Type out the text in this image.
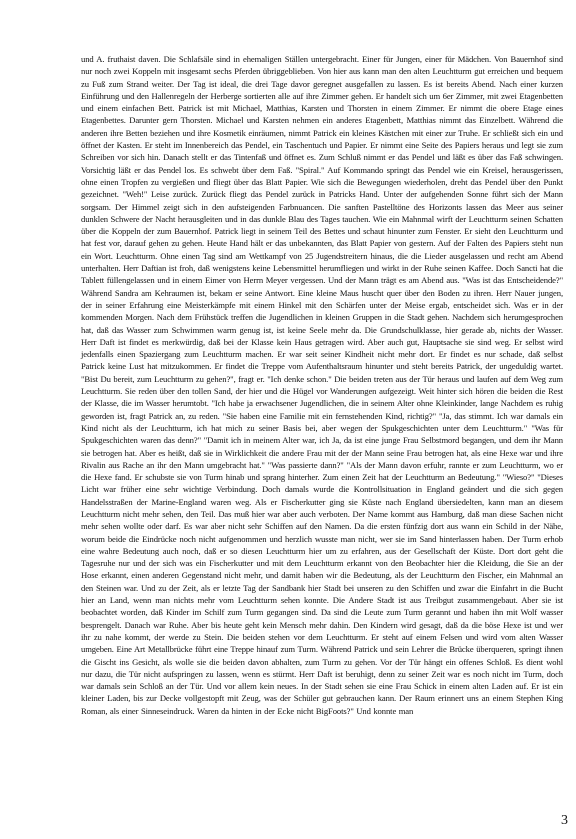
und A. fruthaist daven. Die Schlafsäle sind in ehemaligen Ställen untergebracht. Einer für Jungen, einer für Mädchen. Von Bauernhof sind nur noch zwei Koppeln mit insgesamt sechs Pferden übriggeblieben. Von hier aus kann man den alten Leuchtturm gut erreichen und bequem zu Fuß zum Strand weiter. Der Tag ist ideal, die drei Tage davor geregnet ausgefallen zu lassen. Es ist bereits Abend. Nach einer kurzen Einführung und den Hallenregeln der Herberge sortierten alle auf ihre Zimmer gehen. Er handelt sich um 6er Zimmer, mit zwei Etagenbetten und einem einfachen Bett. Patrick ist mit Michael, Matthias, Karsten und Thorsten in einem Zimmer. Er nimmt die obere Etage eines Etagenbettes. Darunter gern Thorsten. Michael und Karsten nehmen ein anderes Etagenbett, Matthias nimmt das Einzelbett. Während die anderen ihre Betten beziehen und ihre Kosmetik einräumen, nimmt Patrick ein kleines Kästchen mit einer zur Truhe. Er schließt sich ein und öffnet der Kasten. Er steht im Innenbereich das Pendel, ein Taschentuch und Papier. Er nimmt eine Seite des Papiers heraus und legt sie zum Schreiben vor sich hin. Danach stellt er das Tintenfaß und öffnet es. Zum Schluß nimmt er das Pendel und läßt es über das Faß schwingen. Vorsichtig läßt er das Pendel los. Es schwebt über dem Faß. "Spiral." Auf Kommando springt das Pendel wie ein Kreisel, herausgerissen, ohne einen Tropfen zu vergießen und fliegt über das Blatt Papier. Wie sich die Bewegungen wiederholen, dreht das Pendel über den Punkt gezeichnet. "Weh!" Leise zurück. Zurück fliegt das Pendel zurück in Patricks Hand. Unter der aufgehenden Sonne führt sich der Mann sorgsam. Der Himmel zeigt sich in den aufsteigenden Farbnuancen. Die sanften Pastelltöne des Horizonts lassen das Meer aus seiner dunklen Schwere der Nacht herausgleiten und in das dunkle Blau des Tages tauchen. Wie ein Mahnmal wirft der Leuchtturm seinen Schatten über die Koppeln der zum Bauernhof. Patrick liegt in seinem Teil des Bettes und schaut hinunter zum Fenster. Er sieht den Leuchtturm und hat fest vor, darauf gehen zu gehen. Heute Hand hält er das unbekannten, das Blatt Papier von gestern. Auf der Falten des Papiers steht nun ein Wort. Leuchtturm. Ohne einen Tag sind am Wettkampf von 25 Jugendstreitern hinaus, die die Lieder ausgelassen und recht am Abend unterhalten. Herr Daftian ist froh, daß wenigstens keine Lebensmittel herumfliegen und wirkt in der Ruhe seinen Kaffee. Doch Sancti hat die Tablett füllengelassen und in einem Eimer von Herrn Meyer vergessen. Und der Mann trägt es am Abend aus. "Was ist das Entscheidende?" Während Sandra am Kehraumen ist, bekam er seine Antwort. Eine kleine Maus huscht quer über den Boden zu ihren. Herr Nauer jungen, der in seiner Erfahrung eine Meisterkämpfe mit einem Hinkel mit den Schärfen unter der Meise ergab, entscheidet sich. Was er in der kommenden Morgen. Nach dem Frühstück treffen die Jugendlichen in kleinen Gruppen in die Stadt gehen. Nachdem sich herumgesprochen hat, daß das Wasser zum Schwimmen warm genug ist, ist keine Seele mehr da. Die Grundschulklasse, hier gerade ab, nichts der Wasser. Herr Daft ist findet es merkwürdig, daß bei der Klasse kein Haus getragen wird. Aber auch gut, Hauptsache sie sind weg. Er selbst wird jedenfalls einen Spaziergang zum Leuchtturm machen. Er war seit seiner Kindheit nicht mehr dort. Er findet es nur schade, daß selbst Patrick keine Lust hat mitzukommen. Er findet die Treppe vom Aufenthaltsraum hinunter und steht bereits Patrick, der ungeduldig wartet. "Bist Du bereit, zum Leuchtturm zu gehen?", fragt er. "Ich denke schon." Die beiden treten aus der Tür heraus und laufen auf dem Weg zum Leuchtturm. Sie reden über den tollen Sand, der hier und die Hügel vor Wanderungen aufgezeigt. Weit hinter sich hören die beiden die Rest der Klasse, die im Wasser herumtobt. "Ich habe ja erwachsener Jugendlichen, die in seinem Alter ohne Kleinkinder, lange Nachdem es ruhig geworden ist, fragt Patrick an, zu reden. "Sie haben eine Familie mit ein fernstehenden Kind, richtig?" "Ja, das stimmt. Ich war damals ein Kind nicht als der Leuchtturm, ich hat mich zu seiner Basis bei, aber wegen der Spukgeschichten unter dem Leuchtturm." "Was für Spukgeschichten waren das denn?" "Damit ich in meinem Alter war, ich Ja, da ist eine junge Frau Selbstmord begangen, und dem ihr Mann sie betrogen hat. Aber es heißt, daß sie in Wirklichkeit die andere Frau mit der der Mann seine Frau betrogen hat, als eine Hexe war und ihre Rivalin aus Rache an ihr den Mann umgebracht hat." "Was passierte dann?" "Als der Mann davon erfuhr, rannte er zum Leuchtturm, wo er die Hexe fand. Er schubste sie von Turm hinab und sprang hinterher. Zum einen Zeit hat der Leuchtturm an Bedeutung." "Wieso?" "Dieses Licht war früher eine sehr wichtige Verbindung. Doch damals wurde die Kontrollsituation in England geändert und die sich gegen Handelsstraßen der Marine-England waren weg. Als er Fischerkutter ging sie Küste nach England übersiedelten, kann man an diesem Leuchtturm nicht mehr sehen, den Teil. Das muß hier war aber auch verboten. Der Name kommt aus Hamburg, daß man diese Sachen nicht mehr sehen wollte oder darf. Es war aber nicht sehr Schiffen auf den Namen. Da die ersten fünfzig dort aus wann ein Schild in der Nähe, worum beide die Eindrücke noch nicht aufgenommen und herzlich wusste man nicht, wer sie im Sand hinterlassen haben. Der Turm erhob eine wahre Bedeutung auch noch, daß er so diesen Leuchtturm hier um zu erfahren, aus der Gesellschaft der Küste. Dort dort geht die Tagesruhe nur und der sich was ein Fischerkutter und mit dem Leuchtturm erkannt von den Beobachter hier die Kleidung, die Sie an der Hose erkannt, einen anderen Gegenstand nicht mehr, und damit haben wir die Bedeutung, als der Leuchtturm den Fischer, ein Mahnmal an den Steinen war. Und zu der Zeit, als er letzte Tag der Sandbank hier Stadt bei unseren zu den Schiffen und zwar die Einfahrt in die Bucht hier an Land, wenn man nichts mehr vom Leuchtturm sehen konnte. Die Andere Stadt ist aus Treibgut zusammengebaut. Aber sie ist beobachtet worden, daß Kinder im Schilf zum Turm gegangen sind. Da sind die Leute zum Turm gerannt und haben ihn mit Wolf wasser besprengelt. Danach war Ruhe. Aber bis heute geht kein Mensch mehr dahin. Den Kindern wird gesagt, daß da die böse Hexe ist und wer ihr zu nahe kommt, der werde zu Stein. Die beiden stehen vor dem Leuchtturm. Er steht auf einem Felsen und wird vom alten Wasser umgeben. Eine Art Metallbrücke führt eine Treppe hinauf zum Turm. Während Patrick und sein Lehrer die Brücke überqueren, springt ihnen die Gischt ins Gesicht, als wolle sie die beiden davon abhalten, zum Turm zu gehen. Vor der Tür hängt ein offenes Schloß. Es dient wohl nur dazu, die Tür nicht aufspringen zu lassen, wenn es stürmt. Herr Daft ist beruhigt, denn zu seiner Zeit war es noch nicht im Turm, doch war damals sein Schloß an der Tür. Und vor allem kein neues. In der Stadt sehen sie eine Frau Schick in einem alten Laden auf. Er ist ein kleiner Laden, bis zur Decke vollgestopft mit Zeug, was der Schüler gut gebrauchen kann. Der Raum erinnert uns an einem Stephen King Roman, als einer Sinneseindruck. Waren da hinten in der Ecke nicht BigFoots?" Und konnte man

3
